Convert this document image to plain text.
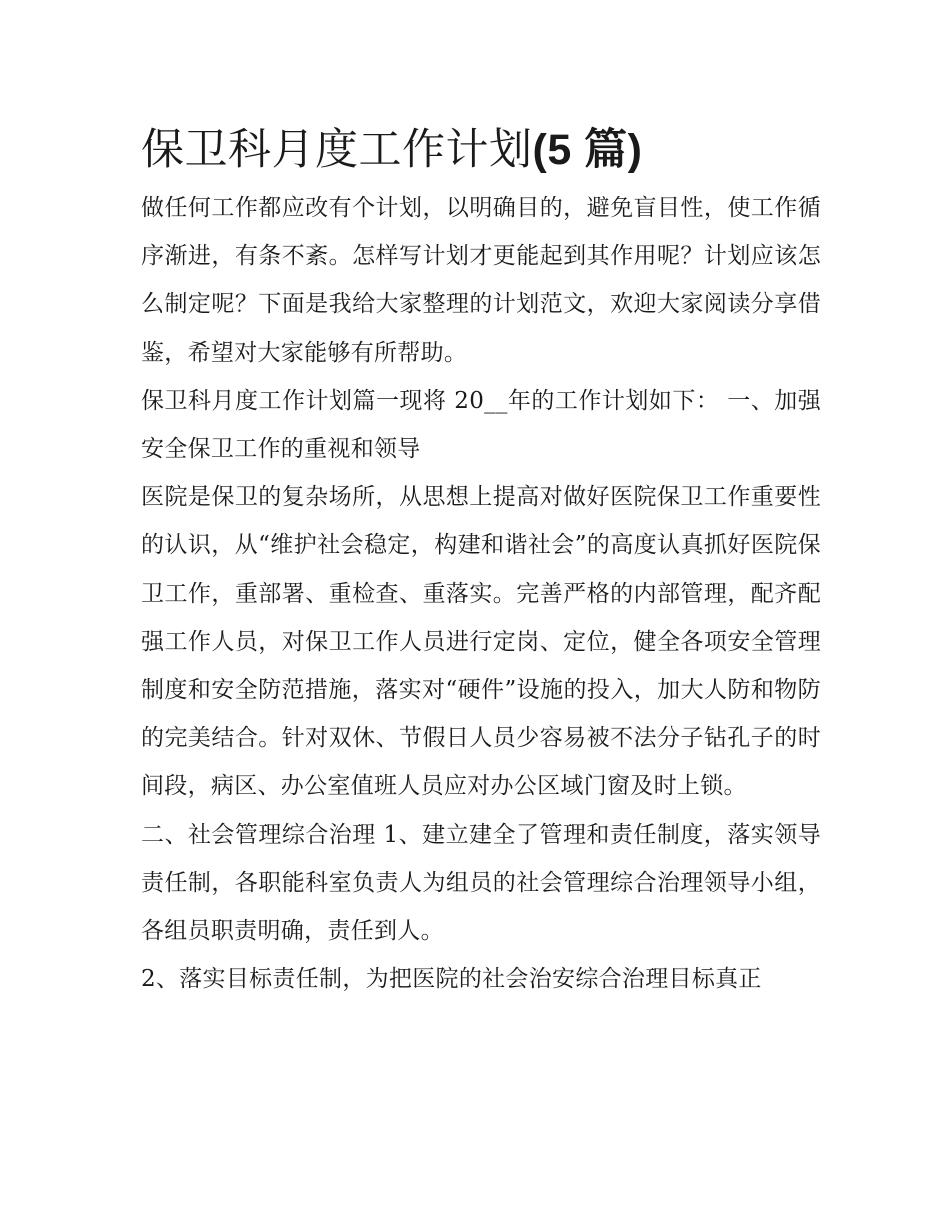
保卫科月度工作计划(5 篇)

做任何工作都应改有个计划，以明确目的，避免盲目性，使工作循序渐进，有条不紊。怎样写计划才更能起到其作用呢？计划应该怎么制定呢？下面是我给大家整理的计划范文，欢迎大家阅读分享借鉴，希望对大家能够有所帮助。

保卫科月度工作计划篇一现将 20__年的工作计划如下： 一、加强安全保卫工作的重视和领导

医院是保卫的复杂场所，从思想上提高对做好医院保卫工作重要性的认识，从“维护社会稳定，构建和谐社会”的高度认真抓好医院保卫工作，重部署、重检查、重落实。完善严格的内部管理，配齐配强工作人员，对保卫工作人员进行定岗、定位，健全各项安全管理制度和安全防范措施，落实对“硬件”设施的投入，加大人防和物防的完美结合。针对双休、节假日人员少容易被不法分子钻孔子的时间段，病区、办公室值班人员应对办公区域门窗及时上锁。

二、社会管理综合治理 1、建立建全了管理和责任制度，落实领导责任制，各职能科室负责人为组员的社会管理综合治理领导小组，各组员职责明确，责任到人。

2、落实目标责任制，为把医院的社会治安综合治理目标真正
